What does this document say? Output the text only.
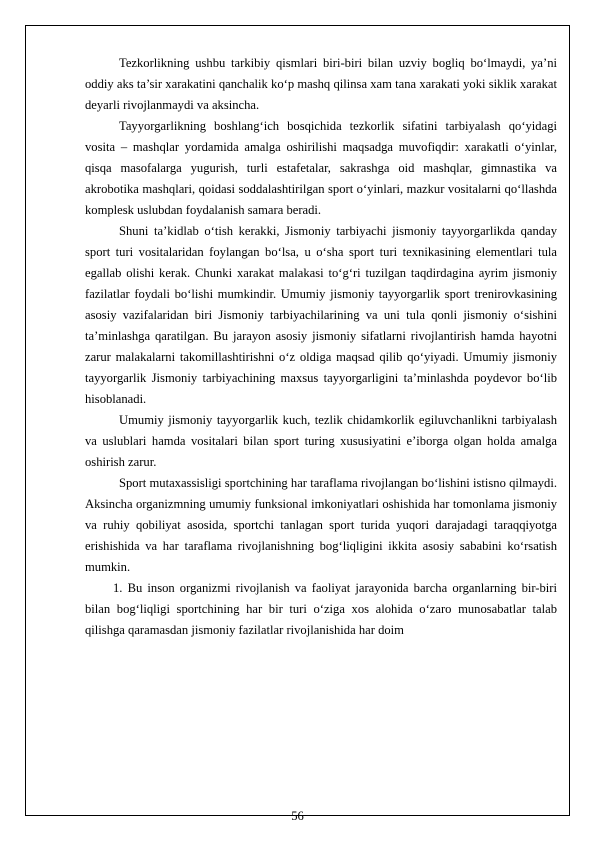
Tezkorlikning ushbu tarkibiy qismlari biri-biri bilan uzviy bogliq bo‘lmaydi, ya’ni oddiy aks ta’sir xarakatini qanchalik ko‘p mashq qilinsa xam tana xarakati yoki siklik xarakat deyarli rivojlanmaydi va aksincha.

Tayyorgarlikning boshlang‘ich bosqichida tezkorlik sifatini tarbiyalash qo‘yidagi vosita – mashqlar yordamida amalga oshirilishi maqsadga muvofiqdir: xarakatli o‘yinlar, qisqa masofalarga yugurish, turli estafetalar, sakrashga oid mashqlar, gimnastika va akrobotika mashqlari, qoidasi soddalashtirilgan sport o‘yinlari, mazkur vositalarni qo‘llashda komplesk uslubdan foydalanish samara beradi.

Shuni ta’kidlab o‘tish kerakki, Jismoniy tarbiyachi jismoniy tayyorgarlikda qanday sport turi vositalaridan foylangan bo‘lsa, u o‘sha sport turi texnikasining elementlari tula egallab olishi kerak. Chunki xarakat malakasi to‘g‘ri tuzilgan taqdirdagina ayrim jismoniy fazilatlar foydali bo‘lishi mumkindir. Umumiy jismoniy tayyorgarlik sport trenirovkasining asosiy vazifalaridan biri Jismoniy tarbiyachilarining va uni tula qonli jismoniy o‘sishini ta’minlashga qaratilgan. Bu jarayon asosiy jismoniy sifatlarni rivojlantirish hamda hayotni zarur malakalarni takomillashtirishni o‘z oldiga maqsad qilib qo‘yiyadi. Umumiy jismoniy tayyorgarlik Jismoniy tarbiyachining maxsus tayyorgarligini ta’minlashda poydevor bo‘lib hisoblanadi.

Umumiy jismoniy tayyorgarlik kuch, tezlik chidamkorlik egiluvchanlikni tarbiyalash va uslublari hamda vositalari bilan sport turing xususiyatini e’iborga olgan holda amalga oshirish zarur.

Sport mutaxassisligi sportchining har taraflama rivojlangan bo‘lishini istisno qilmaydi. Aksincha organizmning umumiy funksional imkoniyatlari oshishida har tomonlama jismoniy va ruhiy qobiliyat asosida, sportchi tanlagan sport turida yuqori darajadagi taraqqiyotga erishishida va har taraflama rivojlanishning bog‘liqligini ikkita asosiy sababini ko‘rsatish mumkin.

1. Bu inson organizmi rivojlanish va faoliyat jarayonida barcha organlarning bir-biri bilan bog‘liqligi sportchining har bir turi o‘ziga xos alohida o‘zaro munosabatlar talab qilishga qaramasdan jismoniy fazilatlar rivojlanishida har doim

56
